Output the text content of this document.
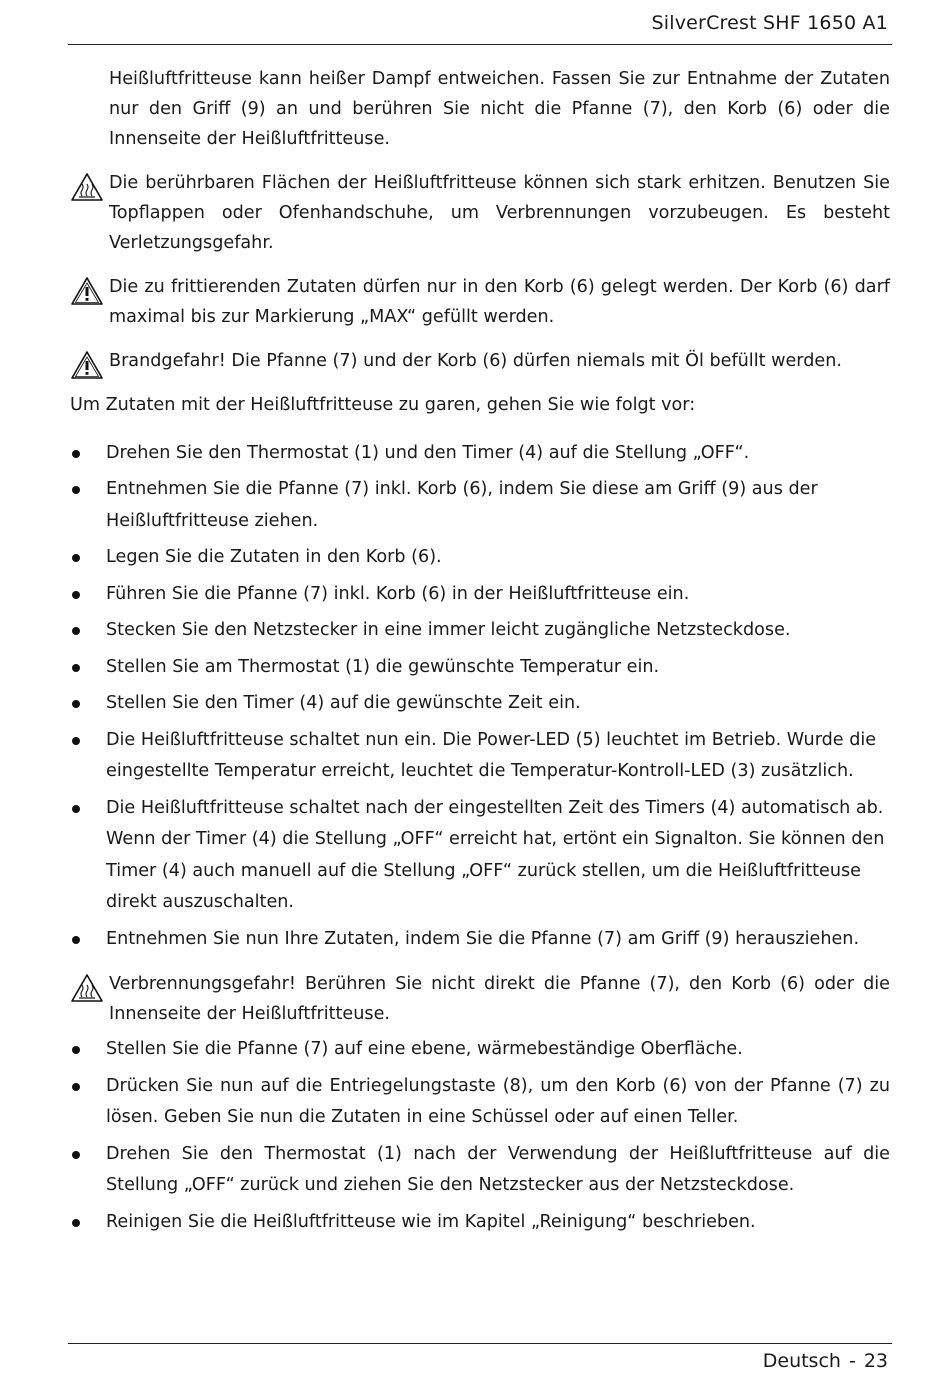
SilverCrest SHF 1650 A1

Heißluftfritteuse kann heißer Dampf entweichen. Fassen Sie zur Entnahme der Zutaten nur den Griff (9) an und berühren Sie nicht die Pfanne (7), den Korb (6) oder die Innenseite der Heißluftfritteuse.

Die berührbaren Flächen der Heißluftfritteuse können sich stark erhitzen. Benutzen Sie Topflappen oder Ofenhandschuhe, um Verbrennungen vorzubeugen. Es besteht Verletzungsgefahr.
Die zu frittierenden Zutaten dürfen nur in den Korb (6) gelegt werden. Der Korb (6) darf maximal bis zur Markierung „MAX“ gefüllt werden.
Brandgefahr! Die Pfanne (7) und der Korb (6) dürfen niemals mit Öl befüllt werden.

Um Zutaten mit der Heißluftfritteuse zu garen, gehen Sie wie folgt vor:

Drehen Sie den Thermostat (1) und den Timer (4) auf die Stellung „OFF“.
Entnehmen Sie die Pfanne (7) inkl. Korb (6), indem Sie diese am Griff (9) aus der Heißluftfritteuse ziehen.
Legen Sie die Zutaten in den Korb (6).
Führen Sie die Pfanne (7) inkl. Korb (6) in der Heißluftfritteuse ein.
Stecken Sie den Netzstecker in eine immer leicht zugängliche Netzsteckdose.
Stellen Sie am Thermostat (1) die gewünschte Temperatur ein.
Stellen Sie den Timer (4) auf die gewünschte Zeit ein.
Die Heißluftfritteuse schaltet nun ein. Die Power-LED (5) leuchtet im Betrieb. Wurde die eingestellte Temperatur erreicht, leuchtet die Temperatur-Kontroll-LED (3) zusätzlich.
Die Heißluftfritteuse schaltet nach der eingestellten Zeit des Timers (4) automatisch ab. Wenn der Timer (4) die Stellung „OFF“ erreicht hat, ertönt ein Signalton. Sie können den Timer (4) auch manuell auf die Stellung „OFF“ zurück stellen, um die Heißluftfritteuse direkt auszuschalten.
Entnehmen Sie nun Ihre Zutaten, indem Sie die Pfanne (7) am Griff (9) herausziehen.
Verbrennungsgefahr! Berühren Sie nicht direkt die Pfanne (7), den Korb (6) oder die Innenseite der Heißluftfritteuse.
Stellen Sie die Pfanne (7) auf eine ebene, wärmebeständige Oberfläche.
Drücken Sie nun auf die Entriegelungstaste (8), um den Korb (6) von der Pfanne (7) zu lösen. Geben Sie nun die Zutaten in eine Schüssel oder auf einen Teller.
Drehen Sie den Thermostat (1) nach der Verwendung der Heißluftfritteuse auf die Stellung „OFF“ zurück und ziehen Sie den Netzstecker aus der Netzsteckdose.
Reinigen Sie die Heißluftfritteuse wie im Kapitel „Reinigung“ beschrieben.
Deutsch - 23
